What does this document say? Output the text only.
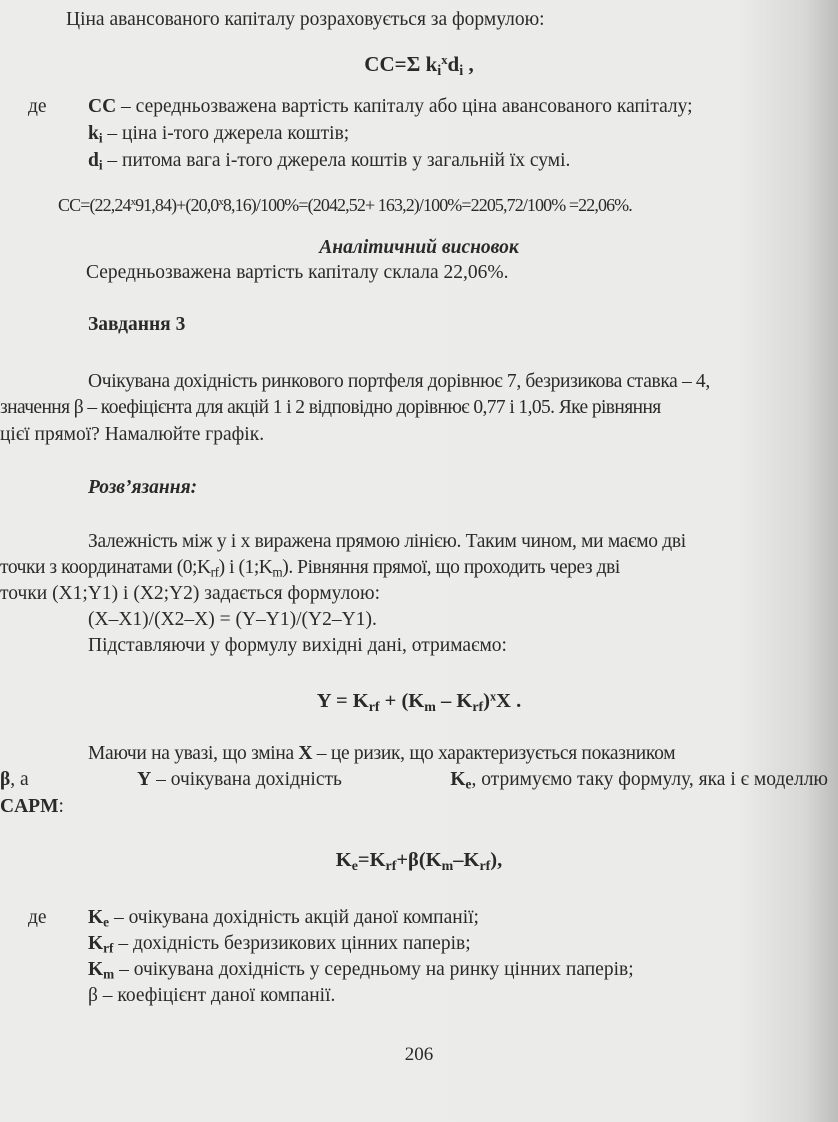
Ціна авансованого капіталу розраховується за формулою:
CC=Σ $k_i^xd_i$ ,
де CC – середньозважена вартість капіталу або ціна авансованого капіталу;
$k_i$ – ціна і-того джерела коштів;
$d_i$ – питома вага і-того джерела коштів у загальній їх сумі.
$CC=(22,24^x91,84)+(20,0^x8,16)/100\%=(2042,52+ 163,2)/100\%=2205,72/100\% =22,06\%$.
Аналітичний висновок
Середньозважена вартість капіталу склала 22,06%.
Завдання 3
Очікувана дохідність ринкового портфеля дорівнює 7, безризикова ставка – 4,
значення β – коефіцієнта для акцій 1 і 2 відповідно дорівнює 0,77 і 1,05. Яке рівняння
цієї прямої? Намалюйте графік.
Розв’язання:
Залежність між у і х виражена прямою лінією. Таким чином, ми маємо дві
точки з координатами $(0;K_{rf})$ і $(1;K_m)$. Рівняння прямої, що проходить через дві
точки (X1;Y1) і (X2;Y2) задається формулою:
(X–X1)/(X2–X) = (Y–Y1)/(Y2–Y1).
Підставляючи у формулу вихідні дані, отримаємо:
$Y = K_{rf} + (K_m - K_{rf})^xX$ .
Маючи на увазі, що зміна X – це ризик, що характеризується показником
β, а	Y – очікувана дохідність	$K_e$, отримуємо таку формулу, яка і є моделлю
CAPM:
$K_e=K_{rf}+\beta(K_m-K_{rf})$,
де $K_e$ – очікувана дохідність акцій даної компанії;
$K_{rf}$ – дохідність безризикових цінних паперів;
$K_m$ – очікувана дохідність у середньому на ринку цінних паперів;
β – коефіцієнт даної компанії.
206
